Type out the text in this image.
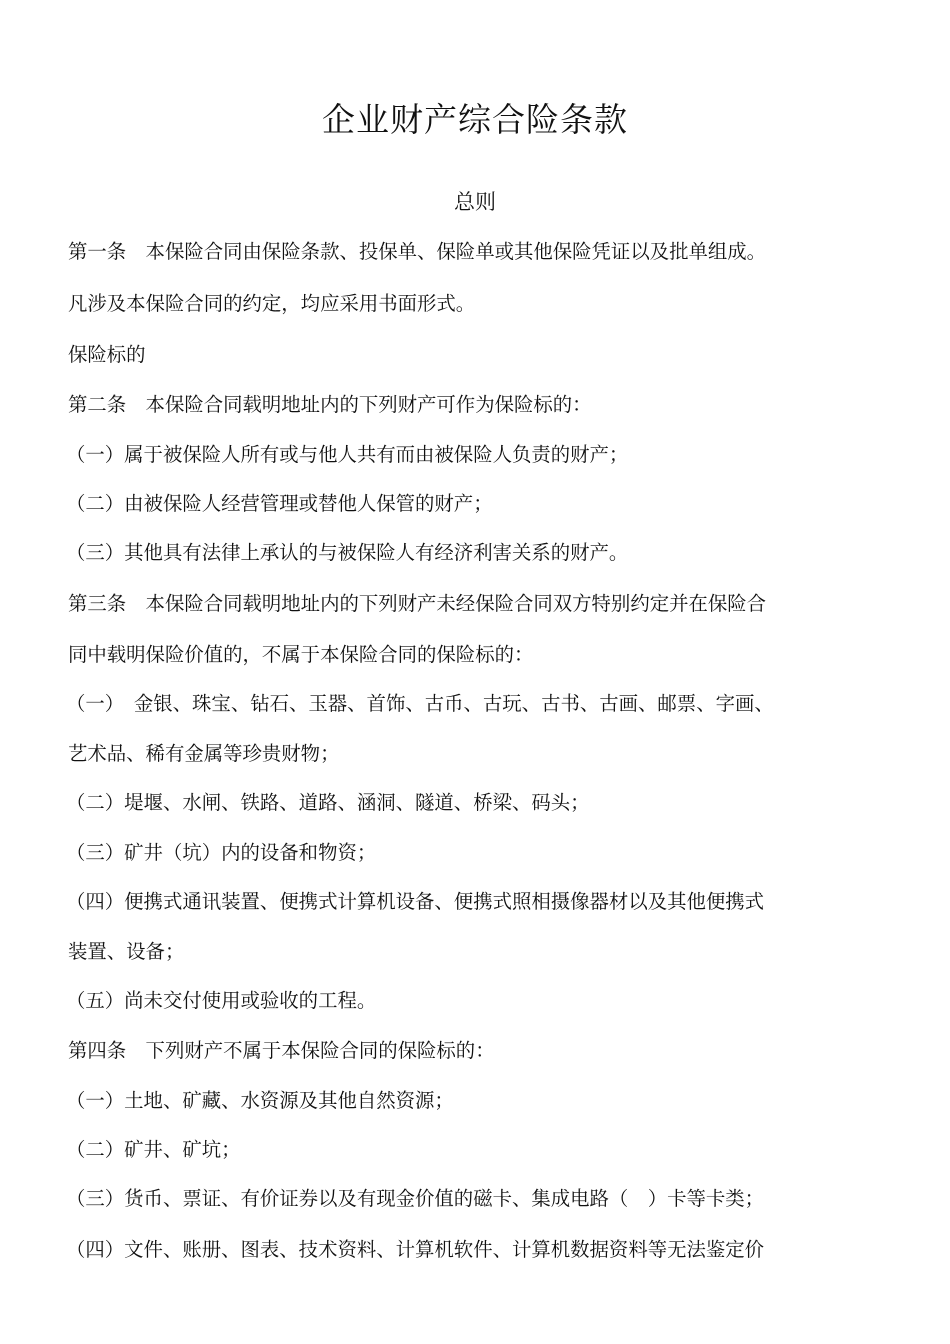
企业财产综合险条款
总则
第一条　本保险合同由保险条款、投保单、保险单或其他保险凭证以及批单组成。
凡涉及本保险合同的约定，均应采用书面形式。
保险标的
第二条　本保险合同载明地址内的下列财产可作为保险标的：
（一）属于被保险人所有或与他人共有而由被保险人负责的财产；
（二）由被保险人经营管理或替他人保管的财产；
（三）其他具有法律上承认的与被保险人有经济利害关系的财产。
第三条　本保险合同载明地址内的下列财产未经保险合同双方特别约定并在保险合
同中载明保险价值的，不属于本保险合同的保险标的：
（一）　金银、珠宝、钻石、玉器、首饰、古币、古玩、古书、古画、邮票、字画、
艺术品、稀有金属等珍贵财物；
（二）堤堰、水闸、铁路、道路、涵洞、隧道、桥梁、码头；
（三）矿井（坑）内的设备和物资；
（四）便携式通讯装置、便携式计算机设备、便携式照相摄像器材以及其他便携式
装置、设备；
（五）尚未交付使用或验收的工程。
第四条　下列财产不属于本保险合同的保险标的：
（一）土地、矿藏、水资源及其他自然资源；
（二）矿井、矿坑；
（三）货币、票证、有价证券以及有现金价值的磁卡、集成电路（　）卡等卡类；
（四）文件、账册、图表、技术资料、计算机软件、计算机数据资料等无法鉴定价
